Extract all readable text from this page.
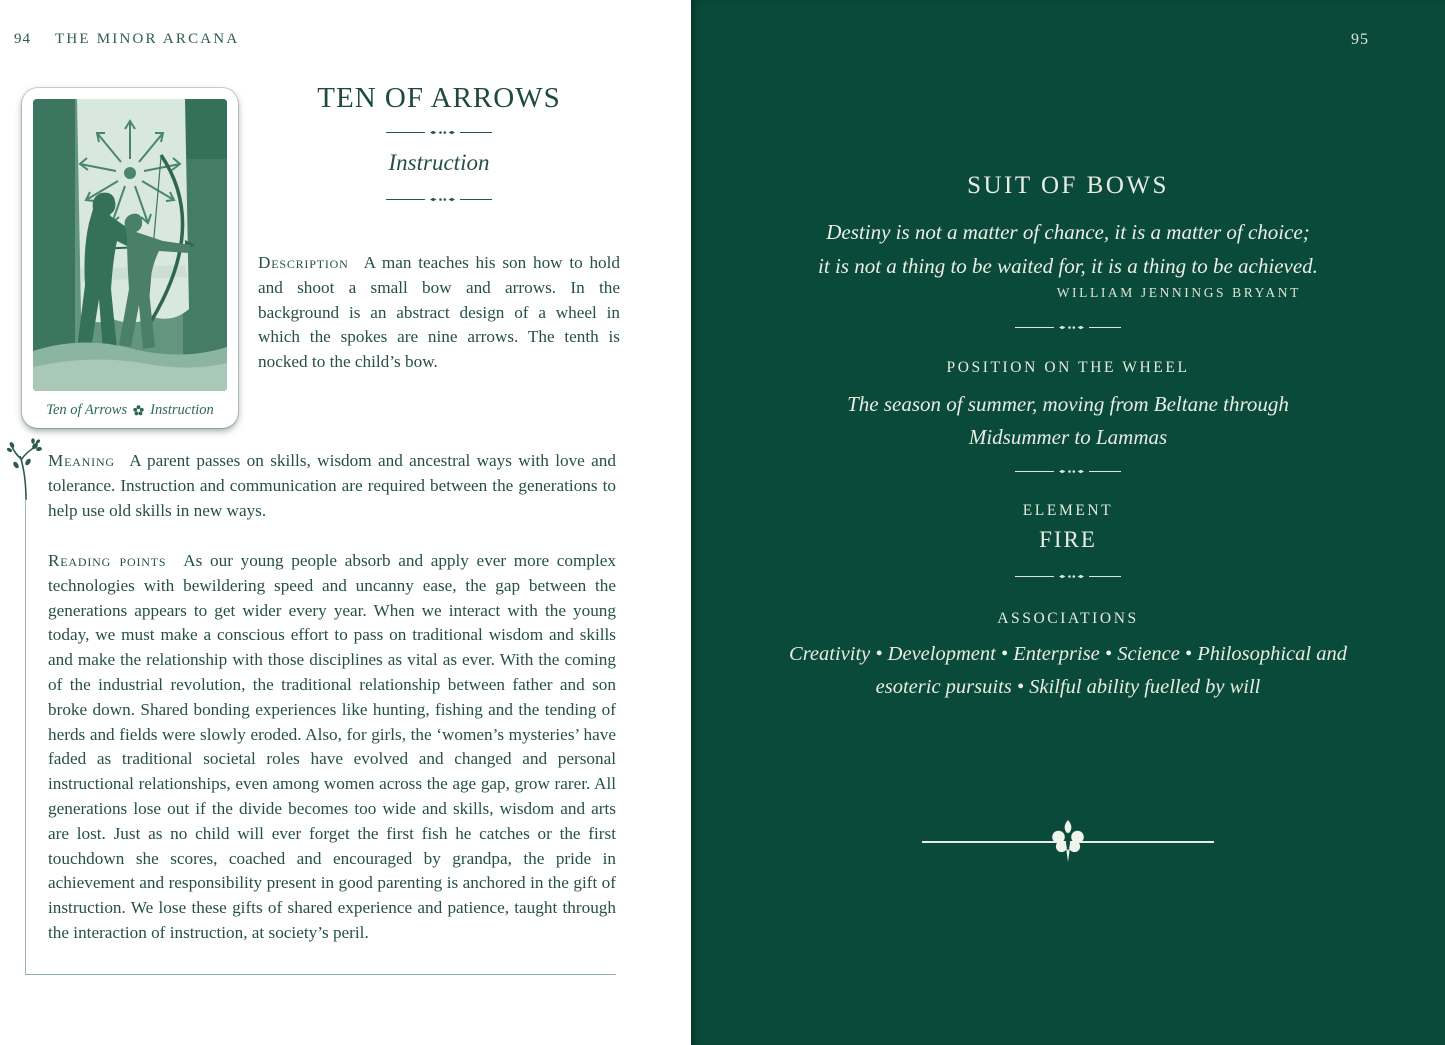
94 THE MINOR ARCANA
Ten of Arrows Instruction
TEN OF ARROWS
Instruction

Description A man teaches his son how to hold and shoot a small bow and arrows. In the background is an abstract design of a wheel in which the spokes are nine arrows. The tenth is nocked to the child’s bow.

Meaning A parent passes on skills, wisdom and ancestral ways with love and tolerance. Instruction and communication are required between the generations to help use old skills in new ways.

Reading points As our young people absorb and apply ever more complex technologies with bewildering speed and uncanny ease, the gap between the generations appears to get wider every year. When we interact with the young today, we must make a conscious effort to pass on traditional wisdom and skills and make the relationship with those disciplines as vital as ever. With the coming of the industrial revolution, the traditional relationship between father and son broke down. Shared bonding experiences like hunting, fishing and the tending of herds and fields were slowly eroded. Also, for girls, the ‘women’s mysteries’ have faded as traditional societal roles have evolved and changed and personal instructional relationships, even among women across the age gap, grow rarer. All generations lose out if the divide becomes too wide and skills, wisdom and arts are lost. Just as no child will ever forget the first fish he catches or the first touchdown she scores, coached and encouraged by grandpa, the pride in achievement and responsibility present in good parenting is anchored in the gift of instruction. We lose these gifts of shared experience and patience, taught through the interaction of instruction, at society’s peril.

95
SUIT OF BOWS
Destiny is not a matter of chance, it is a matter of choice;
it is not a thing to be waited for, it is a thing to be achieved.
WILLIAM JENNINGS BRYANT
POSITION ON THE WHEEL
The season of summer, moving from Beltane through Midsummer to Lammas
ELEMENT
FIRE
ASSOCIATIONS
Creativity • Development • Enterprise • Science • Philosophical and esoteric pursuits • Skilful ability fuelled by will
